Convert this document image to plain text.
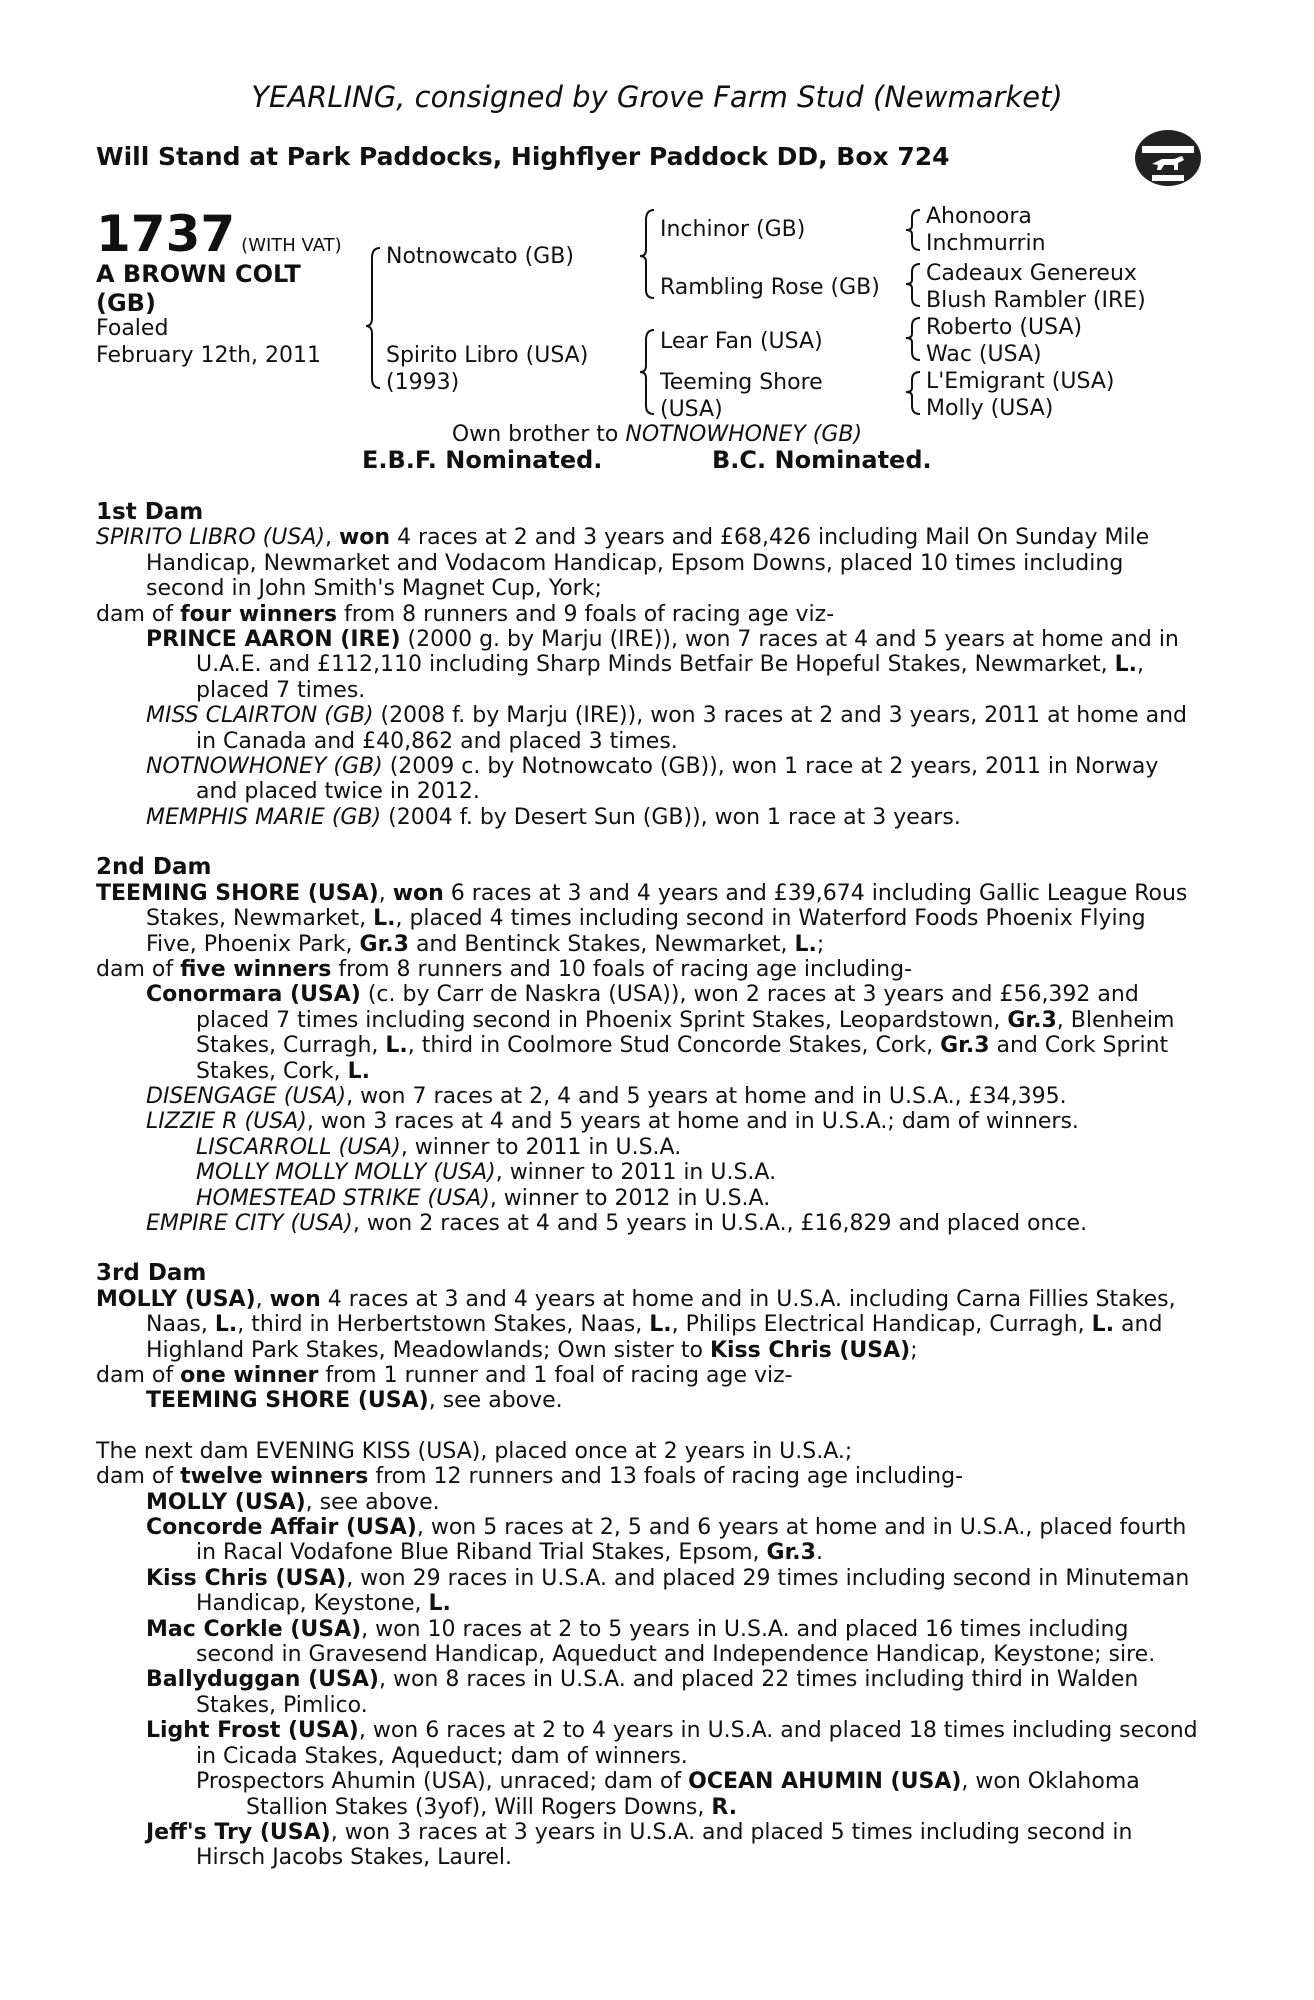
YEARLING, consigned by Grove Farm Stud (Newmarket)
Will Stand at Park Paddocks, Highflyer Paddock DD, Box 724
1737 (WITH VAT)
A BROWN COLT
(GB)
Foaled
February 12th, 2011
Notnowcato (GB)
Spirito Libro (USA)
(1993)
Inchinor (GB)
Rambling Rose (GB)
Lear Fan (USA)
Teeming Shore
(USA)
Ahonoora
Inchmurrin
Cadeaux Genereux
Blush Rambler (IRE)
Roberto (USA)
Wac (USA)
L'Emigrant (USA)
Molly (USA)
Own brother to NOTNOWHONEY (GB)
E.B.F. Nominated.	B.C. Nominated.
1st Dam

SPIRITO LIBRO (USA), won 4 races at 2 and 3 years and £68,426 including Mail On Sunday Mile Handicap, Newmarket and Vodacom Handicap, Epsom Downs, placed 10 times including second in John Smith's Magnet Cup, York;

dam of four winners from 8 runners and 9 foals of racing age viz-

PRINCE AARON (IRE) (2000 g. by Marju (IRE)), won 7 races at 4 and 5 years at home and in U.A.E. and £112,110 including Sharp Minds Betfair Be Hopeful Stakes, Newmarket, L., placed 7 times.

MISS CLAIRTON (GB) (2008 f. by Marju (IRE)), won 3 races at 2 and 3 years, 2011 at home and in Canada and £40,862 and placed 3 times.

NOTNOWHONEY (GB) (2009 c. by Notnowcato (GB)), won 1 race at 2 years, 2011 in Norway and placed twice in 2012.

MEMPHIS MARIE (GB) (2004 f. by Desert Sun (GB)), won 1 race at 3 years.

2nd Dam

TEEMING SHORE (USA), won 6 races at 3 and 4 years and £39,674 including Gallic League Rous Stakes, Newmarket, L., placed 4 times including second in Waterford Foods Phoenix Flying Five, Phoenix Park, Gr.3 and Bentinck Stakes, Newmarket, L.;

dam of five winners from 8 runners and 10 foals of racing age including-

Conormara (USA) (c. by Carr de Naskra (USA)), won 2 races at 3 years and £56,392 and placed 7 times including second in Phoenix Sprint Stakes, Leopardstown, Gr.3, Blenheim Stakes, Curragh, L., third in Coolmore Stud Concorde Stakes, Cork, Gr.3 and Cork Sprint Stakes, Cork, L.

DISENGAGE (USA), won 7 races at 2, 4 and 5 years at home and in U.S.A., £34,395.

LIZZIE R (USA), won 3 races at 4 and 5 years at home and in U.S.A.; dam of winners.

LISCARROLL (USA), winner to 2011 in U.S.A.

MOLLY MOLLY MOLLY (USA), winner to 2011 in U.S.A.

HOMESTEAD STRIKE (USA), winner to 2012 in U.S.A.

EMPIRE CITY (USA), won 2 races at 4 and 5 years in U.S.A., £16,829 and placed once.

3rd Dam

MOLLY (USA), won 4 races at 3 and 4 years at home and in U.S.A. including Carna Fillies Stakes, Naas, L., third in Herbertstown Stakes, Naas, L., Philips Electrical Handicap, Curragh, L. and Highland Park Stakes, Meadowlands; Own sister to Kiss Chris (USA);

dam of one winner from 1 runner and 1 foal of racing age viz-

TEEMING SHORE (USA), see above.

The next dam EVENING KISS (USA), placed once at 2 years in U.S.A.;

dam of twelve winners from 12 runners and 13 foals of racing age including-

MOLLY (USA), see above.

Concorde Affair (USA), won 5 races at 2, 5 and 6 years at home and in U.S.A., placed fourth in Racal Vodafone Blue Riband Trial Stakes, Epsom, Gr.3.

Kiss Chris (USA), won 29 races in U.S.A. and placed 29 times including second in Minuteman Handicap, Keystone, L.

Mac Corkle (USA), won 10 races at 2 to 5 years in U.S.A. and placed 16 times including second in Gravesend Handicap, Aqueduct and Independence Handicap, Keystone; sire.

Ballyduggan (USA), won 8 races in U.S.A. and placed 22 times including third in Walden Stakes, Pimlico.

Light Frost (USA), won 6 races at 2 to 4 years in U.S.A. and placed 18 times including second in Cicada Stakes, Aqueduct; dam of winners.

Prospectors Ahumin (USA), unraced; dam of OCEAN AHUMIN (USA), won Oklahoma Stallion Stakes (3yof), Will Rogers Downs, R.

Jeff's Try (USA), won 3 races at 3 years in U.S.A. and placed 5 times including second in Hirsch Jacobs Stakes, Laurel.
